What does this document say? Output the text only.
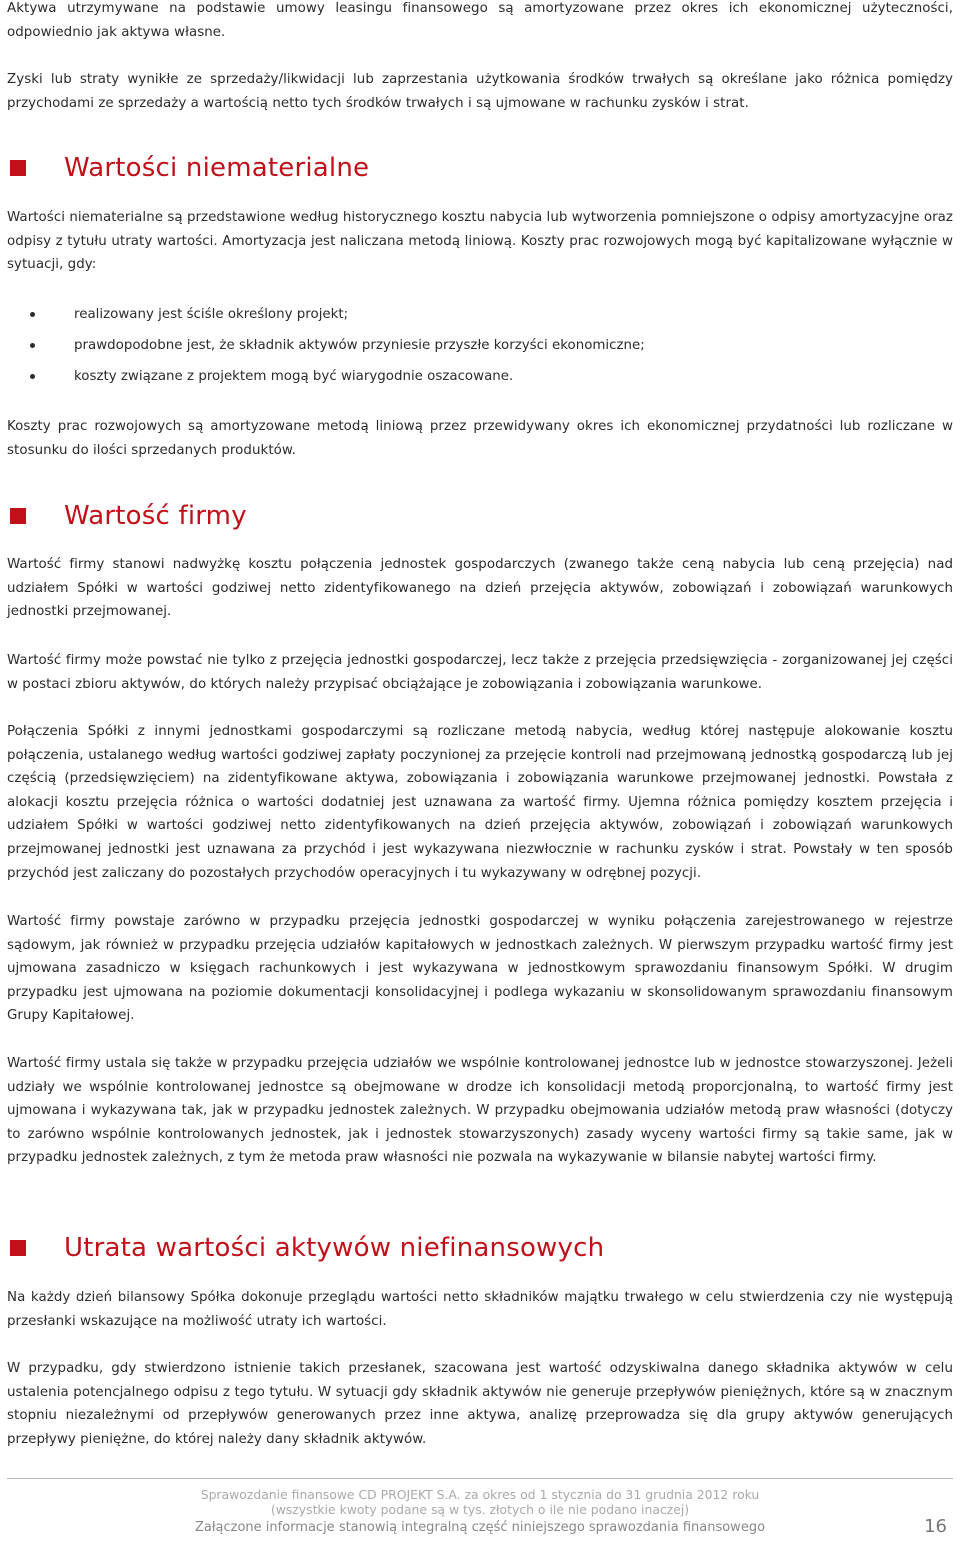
Aktywa utrzymywane na podstawie umowy leasingu finansowego są amortyzowane przez okres ich ekonomicznej użyteczności, odpowiednio jak aktywa własne.

Zyski lub straty wynikłe ze sprzedaży/likwidacji lub zaprzestania użytkowania środków trwałych są określane jako różnica pomiędzy przychodami ze sprzedaży a wartością netto tych środków trwałych i są ujmowane w rachunku zysków i strat.

Wartości niematerialne

Wartości niematerialne są przedstawione według historycznego kosztu nabycia lub wytworzenia pomniejszone o odpisy amortyzacyjne oraz odpisy z tytułu utraty wartości. Amortyzacja jest naliczana metodą liniową. Koszty prac rozwojowych mogą być kapitalizowane wyłącznie w sytuacji, gdy:

realizowany jest ściśle określony projekt;
prawdopodobne jest, że składnik aktywów przyniesie przyszłe korzyści ekonomiczne;
koszty związane z projektem mogą być wiarygodnie oszacowane.

Koszty prac rozwojowych są amortyzowane metodą liniową przez przewidywany okres ich ekonomicznej przydatności lub rozliczane w stosunku do ilości sprzedanych produktów.

Wartość firmy

Wartość firmy stanowi nadwyżkę kosztu połączenia jednostek gospodarczych (zwanego także ceną nabycia lub ceną przejęcia) nad udziałem Spółki w wartości godziwej netto zidentyfikowanego na dzień przejęcia aktywów, zobowiązań i zobowiązań warunkowych jednostki przejmowanej.

Wartość firmy może powstać nie tylko z przejęcia jednostki gospodarczej, lecz także z przejęcia przedsięwzięcia - zorganizowanej jej części w postaci zbioru aktywów, do których należy przypisać obciążające je zobowiązania i zobowiązania warunkowe.

Połączenia Spółki z innymi jednostkami gospodarczymi są rozliczane metodą nabycia, według której następuje alokowanie kosztu połączenia, ustalanego według wartości godziwej zapłaty poczynionej za przejęcie kontroli nad przejmowaną jednostką gospodarczą lub jej częścią (przedsięwzięciem) na zidentyfikowane aktywa, zobowiązania i zobowiązania warunkowe przejmowanej jednostki. Powstała z alokacji kosztu przejęcia różnica o wartości dodatniej jest uznawana za wartość firmy. Ujemna różnica pomiędzy kosztem przejęcia i udziałem Spółki w wartości godziwej netto zidentyfikowanych na dzień przejęcia aktywów, zobowiązań i zobowiązań warunkowych przejmowanej jednostki jest uznawana za przychód i jest wykazywana niezwłocznie w rachunku zysków i strat. Powstały w ten sposób przychód jest zaliczany do pozostałych przychodów operacyjnych i tu wykazywany w odrębnej pozycji.

Wartość firmy powstaje zarówno w przypadku przejęcia jednostki gospodarczej w wyniku połączenia zarejestrowanego w rejestrze sądowym, jak również w przypadku przejęcia udziałów kapitałowych w jednostkach zależnych. W pierwszym przypadku wartość firmy jest ujmowana zasadniczo w księgach rachunkowych i jest wykazywana w jednostkowym sprawozdaniu finansowym Spółki. W drugim przypadku jest ujmowana na poziomie dokumentacji konsolidacyjnej i podlega wykazaniu w skonsolidowanym sprawozdaniu finansowym Grupy Kapitałowej.

Wartość firmy ustala się także w przypadku przejęcia udziałów we wspólnie kontrolowanej jednostce lub w jednostce stowarzyszonej. Jeżeli udziały we wspólnie kontrolowanej jednostce są obejmowane w drodze ich konsolidacji metodą proporcjonalną, to wartość firmy jest ujmowana i wykazywana tak, jak w przypadku jednostek zależnych. W przypadku obejmowania udziałów metodą praw własności (dotyczy to zarówno wspólnie kontrolowanych jednostek, jak i jednostek stowarzyszonych) zasady wyceny wartości firmy są takie same, jak w przypadku jednostek zależnych, z tym że metoda praw własności nie pozwala na wykazywanie w bilansie nabytej wartości firmy.

Utrata wartości aktywów niefinansowych

Na każdy dzień bilansowy Spółka dokonuje przeglądu wartości netto składników majątku trwałego w celu stwierdzenia czy nie występują przesłanki wskazujące na możliwość utraty ich wartości.

W przypadku, gdy stwierdzono istnienie takich przesłanek, szacowana jest wartość odzyskiwalna danego składnika aktywów w celu ustalenia potencjalnego odpisu z tego tytułu. W sytuacji gdy składnik aktywów nie generuje przepływów pieniężnych, które są w znacznym stopniu niezależnymi od przepływów generowanych przez inne aktywa, analizę przeprowadza się dla grupy aktywów generujących przepływy pieniężne, do której należy dany składnik aktywów.

Sprawozdanie finansowe CD PROJEKT S.A. za okres od 1 stycznia do 31 grudnia 2012 roku
(wszystkie kwoty podane są w tys. złotych o ile nie podano inaczej)
Załączone informacje stanowią integralną część niniejszego sprawozdania finansowego	16
